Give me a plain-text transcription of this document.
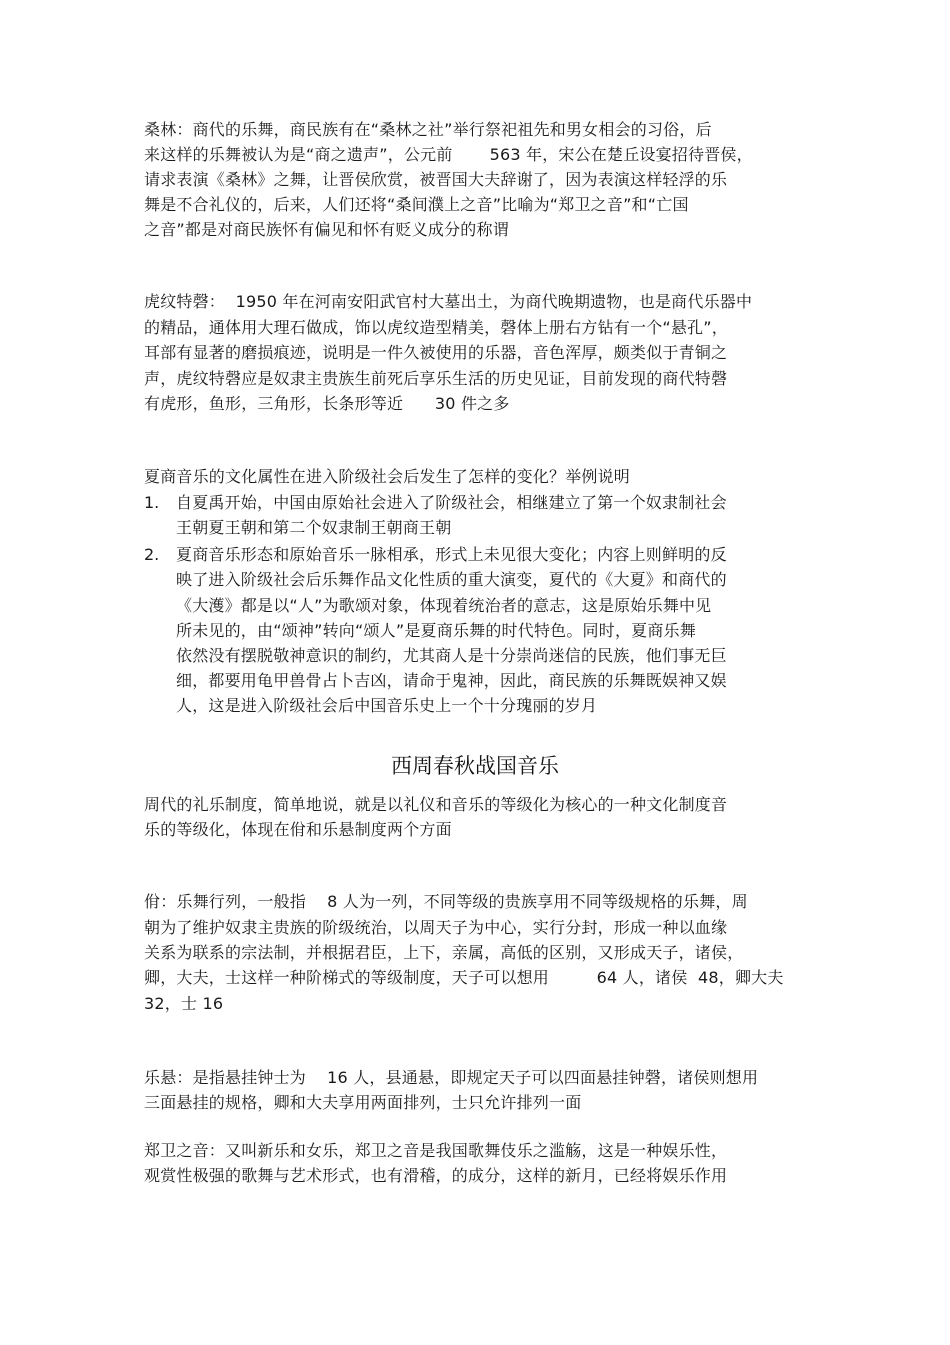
桑林：商代的乐舞，商民族有在“桑林之社”举行祭祀祖先和男女相会的习俗，后
来这样的乐舞被认为是“商之遗声”，公元前       563 年，宋公在楚丘设宴招待晋侯，
请求表演《桑林》之舞，让晋侯欣赏，被晋国大夫辞谢了，因为表演这样轻浮的乐
舞是不合礼仪的，后来，人们还将“桑间濮上之音”比喻为“郑卫之音”和“亡国
之音”都是对商民族怀有偏见和怀有贬义成分的称谓
虎纹特磬：  1950 年在河南安阳武官村大墓出土，为商代晚期遗物，也是商代乐器中
的精品，通体用大理石做成，饰以虎纹造型精美，磬体上册右方钻有一个“悬孔”，
耳部有显著的磨损痕迹，说明是一件久被使用的乐器，音色浑厚，颇类似于青铜之
声，虎纹特磬应是奴隶主贵族生前死后享乐生活的历史见证，目前发现的商代特磬
有虎形，鱼形，三角形，长条形等近      30 件之多
夏商音乐的文化属性在进入阶级社会后发生了怎样的变化？举例说明
1. 自夏禹开始，中国由原始社会进入了阶级社会，相继建立了第一个奴隶制社会
王朝夏王朝和第二个奴隶制王朝商王朝
2. 夏商音乐形态和原始音乐一脉相承，形式上未见很大变化；内容上则鲜明的反
映了进入阶级社会后乐舞作品文化性质的重大演变，夏代的《大夏》和商代的
《大濩》都是以“人”为歌颂对象，体现着统治者的意志，这是原始乐舞中见
所未见的，由“颂神”转向“颂人”是夏商乐舞的时代特色。同时，夏商乐舞
依然没有摆脱敬神意识的制约，尤其商人是十分崇尚迷信的民族，他们事无巨
细，都要用龟甲兽骨占卜吉凶，请命于鬼神，因此，商民族的乐舞既娱神又娱
人，这是进入阶级社会后中国音乐史上一个十分瑰丽的岁月
西周春秋战国音乐
周代的礼乐制度，简单地说，就是以礼仪和音乐的等级化为核心的一种文化制度音
乐的等级化，体现在佾和乐悬制度两个方面
佾：乐舞行列，一般指    8 人为一列，不同等级的贵族享用不同等级规格的乐舞，周
朝为了维护奴隶主贵族的阶级统治，以周天子为中心，实行分封，形成一种以血缘
关系为联系的宗法制，并根据君臣，上下，亲属，高低的区别，又形成天子，诸侯，
卿，大夫，士这样一种阶梯式的等级制度，天子可以想用         64 人，诸侯  48，卿大夫
32，士 16
乐悬：是指悬挂钟士为    16 人，县通悬，即规定天子可以四面悬挂钟磬，诸侯则想用
三面悬挂的规格，卿和大夫享用两面排列，士只允许排列一面
郑卫之音：又叫新乐和女乐，郑卫之音是我国歌舞伎乐之滥觞，这是一种娱乐性，
观赏性极强的歌舞与艺术形式，也有滑稽，的成分，这样的新月，已经将娱乐作用
